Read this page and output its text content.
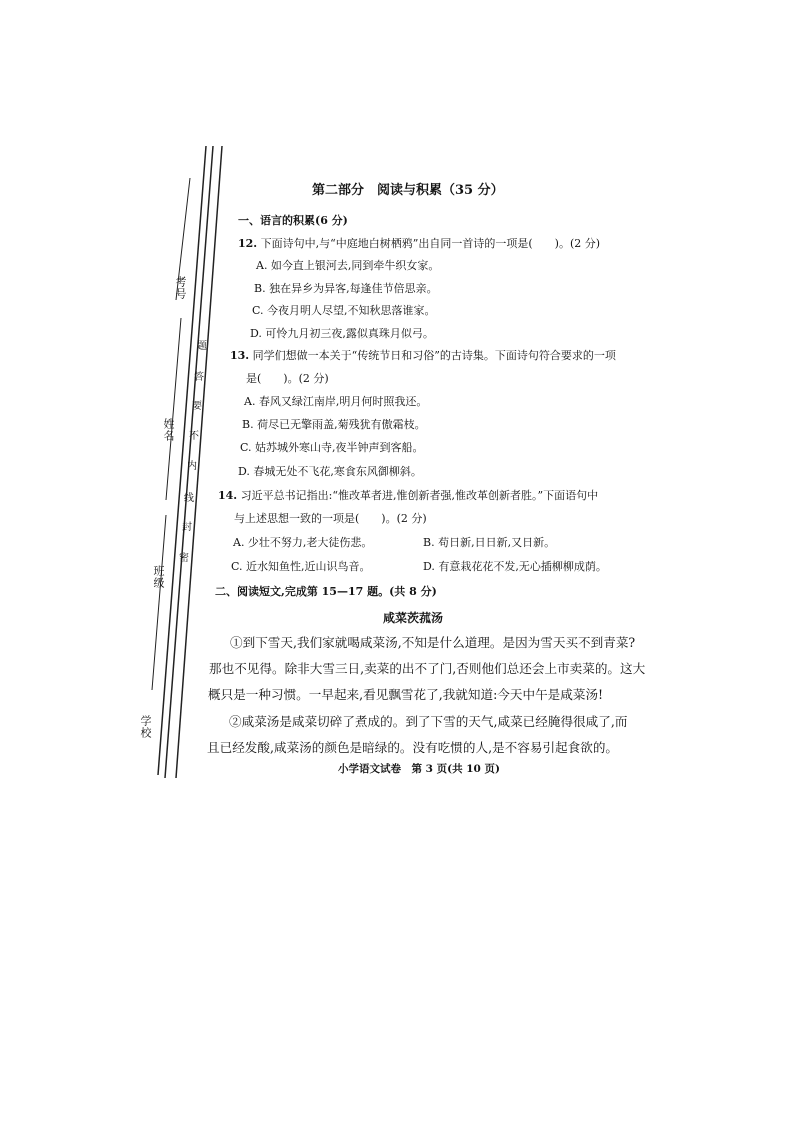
考号
姓名
班级
学校
题
答
要
不
内
线
封
密
第二部分　阅读与积累（35 分）
一、语言的积累(6 分)
12. 下面诗句中,与“中庭地白树栖鸦”出自同一首诗的一项是(　　)。(2 分)
A. 如今直上银河去,同到牵牛织女家。
B. 独在异乡为异客,每逢佳节倍思亲。
C. 今夜月明人尽望,不知秋思落谁家。
D. 可怜九月初三夜,露似真珠月似弓。
13. 同学们想做一本关于“传统节日和习俗”的古诗集。下面诗句符合要求的一项
是(　　)。(2 分)
A. 春风又绿江南岸,明月何时照我还。
B. 荷尽已无擎雨盖,菊残犹有傲霜枝。
C. 姑苏城外寒山寺,夜半钟声到客船。
D. 春城无处不飞花,寒食东风御柳斜。
14. 习近平总书记指出:“惟改革者进,惟创新者强,惟改革创新者胜。”下面语句中
与上述思想一致的一项是(　　)。(2 分)
A. 少壮不努力,老大徒伤悲。	B. 苟日新,日日新,又日新。
C. 近水知鱼性,近山识鸟音。	D. 有意栽花花不发,无心插柳柳成荫。
二、阅读短文,完成第 15—17 题。(共 8 分)
咸菜茨菰汤
①到下雪天,我们家就喝咸菜汤,不知是什么道理。是因为雪天买不到青菜?
那也不见得。除非大雪三日,卖菜的出不了门,否则他们总还会上市卖菜的。这大
概只是一种习惯。一早起来,看见飘雪花了,我就知道:今天中午是咸菜汤!
②咸菜汤是咸菜切碎了煮成的。到了下雪的天气,咸菜已经腌得很咸了,而
且已经发酸,咸菜汤的颜色是暗绿的。没有吃惯的人,是不容易引起食欲的。
小学语文试卷　第 3 页(共 10 页)
